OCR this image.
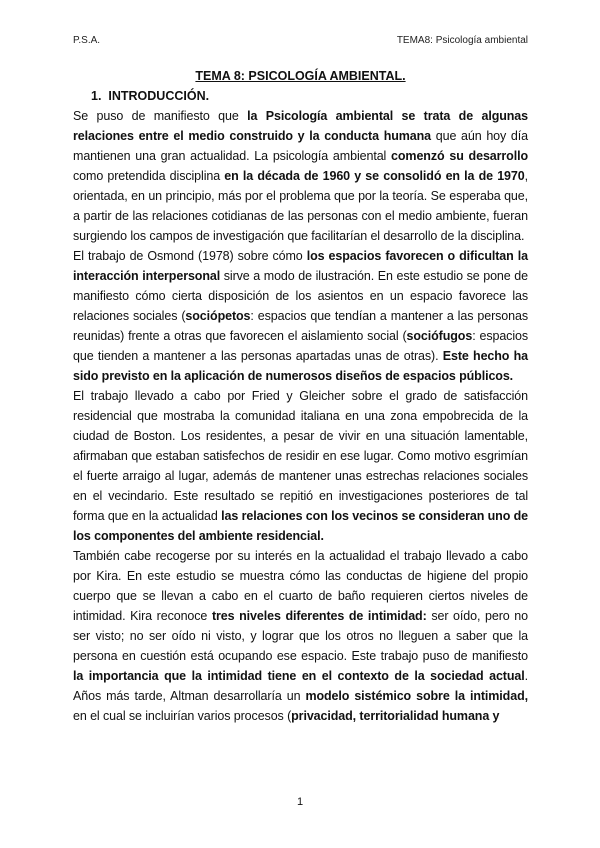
P.S.A.	TEMA8: Psicología ambiental

TEMA 8: PSICOLOGÍA AMBIENTAL.

1. INTRODUCCIÓN.

Se puso de manifiesto que la Psicología ambiental se trata de algunas relaciones entre el medio construido y la conducta humana que aún hoy día mantienen una gran actualidad. La psicología ambiental comenzó su desarrollo como pretendida disciplina en la década de 1960 y se consolidó en la de 1970, orientada, en un principio, más por el problema que por la teoría. Se esperaba que, a partir de las relaciones cotidianas de las personas con el medio ambiente, fueran surgiendo los campos de investigación que facilitarían el desarrollo de la disciplina.

El trabajo de Osmond (1978) sobre cómo los espacios favorecen o dificultan la interacción interpersonal sirve a modo de ilustración. En este estudio se pone de manifiesto cómo cierta disposición de los asientos en un espacio favorece las relaciones sociales (sociópetos: espacios que tendían a mantener a las personas reunidas) frente a otras que favorecen el aislamiento social (sociófugos: espacios que tienden a mantener a las personas apartadas unas de otras). Este hecho ha sido previsto en la aplicación de numerosos diseños de espacios públicos.

El trabajo llevado a cabo por Fried y Gleicher sobre el grado de satisfacción residencial que mostraba la comunidad italiana en una zona empobrecida de la ciudad de Boston. Los residentes, a pesar de vivir en una situación lamentable, afirmaban que estaban satisfechos de residir en ese lugar. Como motivo esgrimían el fuerte arraigo al lugar, además de mantener unas estrechas relaciones sociales en el vecindario. Este resultado se repitió en investigaciones posteriores de tal forma que en la actualidad las relaciones con los vecinos se consideran uno de los componentes del ambiente residencial.

También cabe recogerse por su interés en la actualidad el trabajo llevado a cabo por Kira. En este estudio se muestra cómo las conductas de higiene del propio cuerpo que se llevan a cabo en el cuarto de baño requieren ciertos niveles de intimidad. Kira reconoce tres niveles diferentes de intimidad: ser oído, pero no ser visto; no ser oído ni visto, y lograr que los otros no lleguen a saber que la persona en cuestión está ocupando ese espacio. Este trabajo puso de manifiesto la importancia que la intimidad tiene en el contexto de la sociedad actual. Años más tarde, Altman desarrollaría un modelo sistémico sobre la intimidad, en el cual se incluirían varios procesos (privacidad, territorialidad humana y

1
